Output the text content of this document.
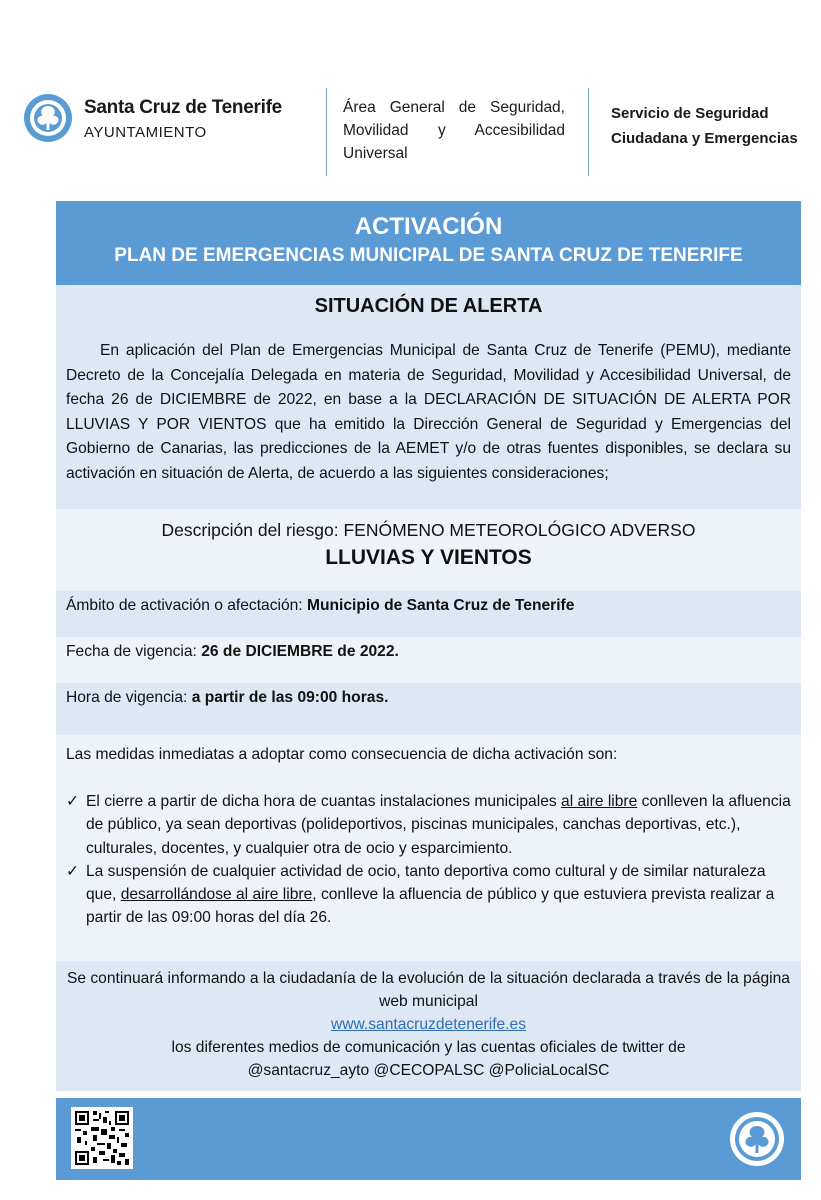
Santa Cruz de Tenerife
AYUNTAMIENTO
Área General de Seguridad, Movilidad y Accesibilidad Universal
Servicio de Seguridad
Ciudadana y Emergencias
ACTIVACIÓN
PLAN DE EMERGENCIAS MUNICIPAL DE SANTA CRUZ DE TENERIFE
SITUACIÓN DE ALERTA
En aplicación del Plan de Emergencias Municipal de Santa Cruz de Tenerife (PEMU), mediante Decreto de la Concejalía Delegada en materia de Seguridad, Movilidad y Accesibilidad Universal, de fecha 26 de DICIEMBRE de 2022, en base a la DECLARACIÓN DE SITUACIÓN DE ALERTA POR LLUVIAS Y POR VIENTOS que ha emitido la Dirección General de Seguridad y Emergencias del Gobierno de Canarias, las predicciones de la AEMET y/o de otras fuentes disponibles, se declara su activación en situación de Alerta, de acuerdo a las siguientes consideraciones;
Descripción del riesgo: FENÓMENO METEOROLÓGICO ADVERSO
LLUVIAS Y VIENTOS
Ámbito de activación o afectación: Municipio de Santa Cruz de Tenerife
Fecha de vigencia: 26 de DICIEMBRE de 2022.
Hora de vigencia: a partir de las 09:00 horas.
Las medidas inmediatas a adoptar como consecuencia de dicha activación son:
✓ El cierre a partir de dicha hora de cuantas instalaciones municipales al aire libre conlleven la afluencia de público, ya sean deportivas (polideportivos, piscinas municipales, canchas deportivas, etc.), culturales, docentes, y cualquier otra de ocio y esparcimiento.
✓ La suspensión de cualquier actividad de ocio, tanto deportiva como cultural y de similar naturaleza que, desarrollándose al aire libre, conlleve la afluencia de público y que estuviera prevista realizar a partir de las 09:00 horas del día 26.
Se continuará informando a la ciudadanía de la evolución de la situación declarada a través de la página web municipal
www.santacruzdetenerife.es
los diferentes medios de comunicación y las cuentas oficiales de twitter de
@santacruz_ayto @CECOPALSC @PoliciaLocalSC
